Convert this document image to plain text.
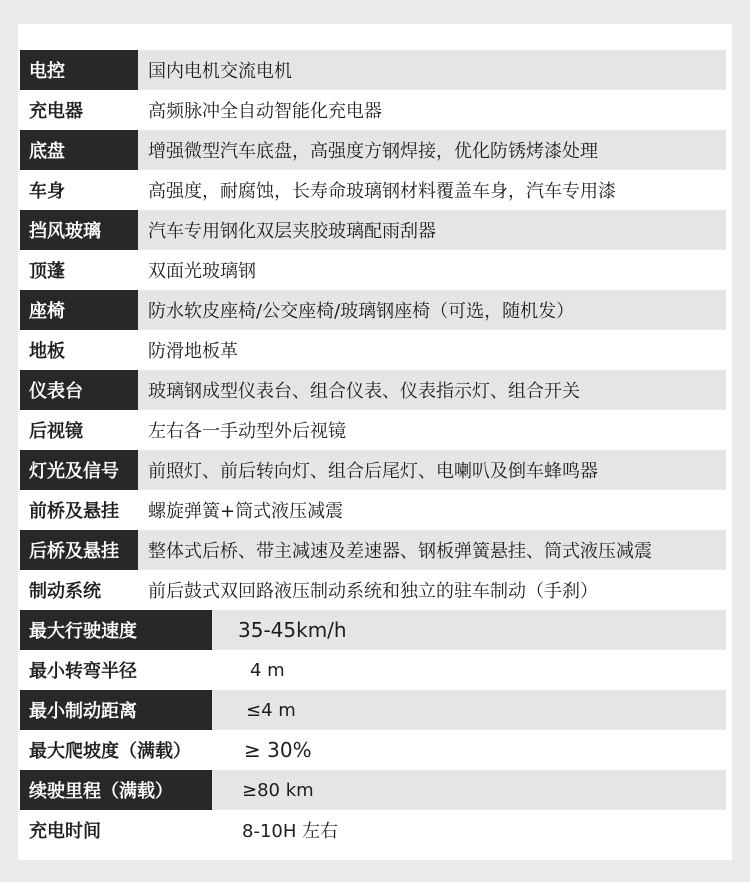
电控	国内电机交流电机
充电器	高频脉冲全自动智能化充电器
底盘	增强微型汽车底盘，高强度方钢焊接，优化防锈烤漆处理
车身	高强度，耐腐蚀，长寿命玻璃钢材料覆盖车身，汽车专用漆
挡风玻璃	汽车专用钢化双层夹胶玻璃配雨刮器
顶蓬	双面光玻璃钢
座椅	防水软皮座椅/公交座椅/玻璃钢座椅（可选，随机发）
地板	防滑地板革
仪表台	玻璃钢成型仪表台、组合仪表、仪表指示灯、组合开关
后视镜	左右各一手动型外后视镜
灯光及信号	前照灯、前后转向灯、组合后尾灯、电喇叭及倒车蜂鸣器
前桥及悬挂	螺旋弹簧+筒式液压减震
后桥及悬挂	整体式后桥、带主减速及差速器、钢板弹簧悬挂、筒式液压减震
制动系统	前后鼓式双回路液压制动系统和独立的驻车制动（手刹）
最大行驶速度	35-45km/h
最小转弯半径	4 m
最小制动距离	≤4 m
最大爬坡度（满载）	≥ 30%
续驶里程（满载）	≥80 km
充电时间	8-10H 左右
